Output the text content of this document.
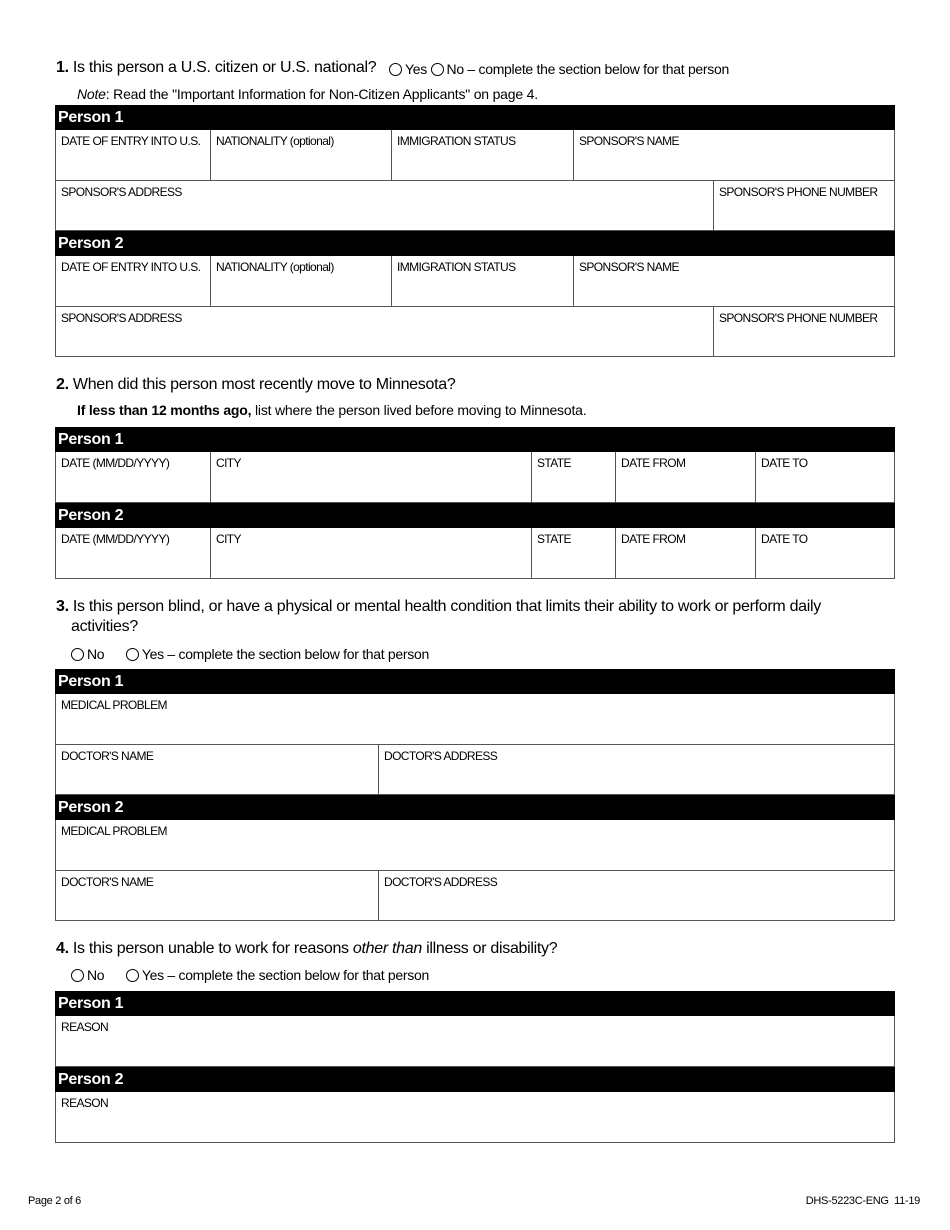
1. Is this person a U.S. citizen or U.S. national?	Yes No – complete the section below for that person
Note: Read the "Important Information for Non-Citizen Applicants" on page 4.
Person 1
DATE OF ENTRY INTO U.S.	NATIONALITY (optional)	IMMIGRATION STATUS	SPONSOR'S NAME
SPONSOR'S ADDRESS	SPONSOR'S PHONE NUMBER
Person 2
DATE OF ENTRY INTO U.S.	NATIONALITY (optional)	IMMIGRATION STATUS	SPONSOR'S NAME
SPONSOR'S ADDRESS	SPONSOR'S PHONE NUMBER
2. When did this person most recently move to Minnesota?
If less than 12 months ago, list where the person lived before moving to Minnesota.
Person 1
DATE (MM/DD/YYYY)	CITY	STATE	DATE FROM	DATE TO
Person 2
DATE (MM/DD/YYYY)	CITY	STATE	DATE FROM	DATE TO
3. Is this person blind, or have a physical or mental health condition that limits their ability to work or perform daily
activities?
No	Yes – complete the section below for that person
Person 1
MEDICAL PROBLEM
DOCTOR'S NAME	DOCTOR'S ADDRESS
Person 2
MEDICAL PROBLEM
DOCTOR'S NAME	DOCTOR'S ADDRESS
4. Is this person unable to work for reasons other than illness or disability?
No	Yes – complete the section below for that person
Person 1
REASON
Person 2
REASON
Page 2 of 6	DHS-5223C-ENG  11-19
